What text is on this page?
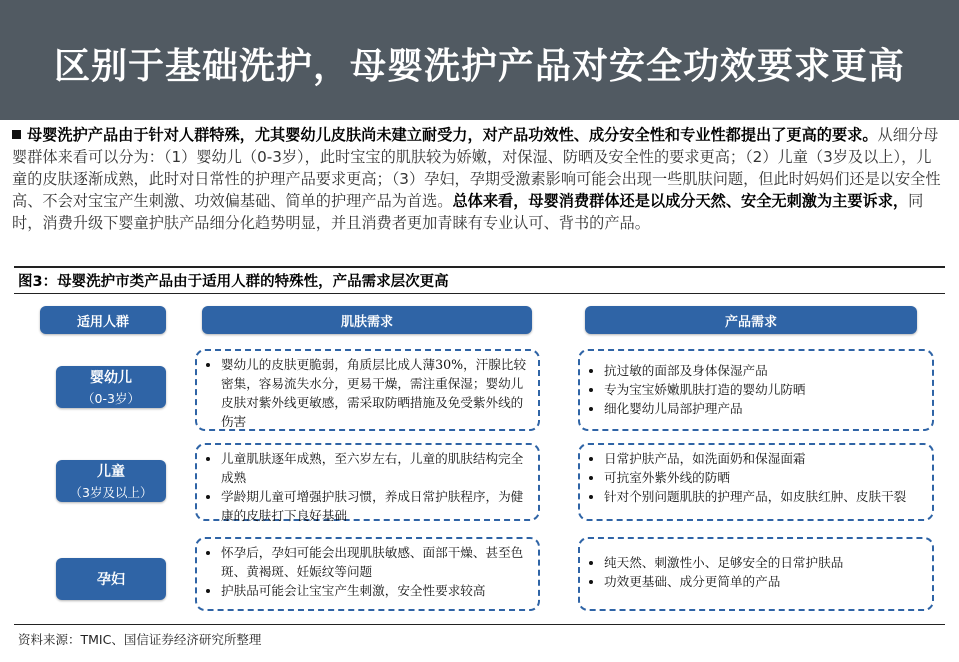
区别于基础洗护，母婴洗护产品对安全功效要求更高
母婴洗护产品由于针对人群特殊，尤其婴幼儿皮肤尚未建立耐受力，对产品功效性、成分安全性和专业性都提出了更高的要求。从细分母婴群体来看可以分为：（1）婴幼儿（0-3岁），此时宝宝的肌肤较为娇嫩，对保湿、防晒及安全性的要求更高；（2）儿童（3岁及以上），儿童的皮肤逐渐成熟，此时对日常性的护理产品要求更高；（3）孕妇，孕期受激素影响可能会出现一些肌肤问题，但此时妈妈们还是以安全性高、不会对宝宝产生刺激、功效偏基础、简单的护理产品为首选。总体来看，母婴消费群体还是以成分天然、安全无刺激为主要诉求，同时，消费升级下婴童护肤产品细分化趋势明显，并且消费者更加青睐有专业认可、背书的产品。
图3：母婴洗护市类产品由于适用人群的特殊性，产品需求层次更高
适用人群	肌肤需求	产品需求
婴幼儿
（0-3岁）
• 婴幼儿的皮肤更脆弱，角质层比成人薄30%，汗腺比较密集，容易流失水分，更易干燥，需注重保湿；婴幼儿皮肤对紫外线更敏感，需采取防晒措施及免受紫外线的伤害
• 抗过敏的面部及身体保湿产品
• 专为宝宝娇嫩肌肤打造的婴幼儿防晒
• 细化婴幼儿局部护理产品
儿童
（3岁及以上）
• 儿童肌肤逐年成熟，至六岁左右，儿童的肌肤结构完全成熟
• 学龄期儿童可增强护肤习惯，养成日常护肤程序，为健康的皮肤打下良好基础
• 日常护肤产品，如洗面奶和保湿面霜
• 可抗室外紫外线的防晒
• 针对个别问题肌肤的护理产品，如皮肤红肿、皮肤干裂
孕妇
• 怀孕后，孕妇可能会出现肌肤敏感、面部干燥、甚至色斑、黄褐斑、妊娠纹等问题
• 护肤品可能会让宝宝产生刺激，安全性要求较高
• 纯天然、刺激性小、足够安全的日常护肤品
• 功效更基础、成分更简单的产品
资料来源：TMIC、国信证券经济研究所整理
